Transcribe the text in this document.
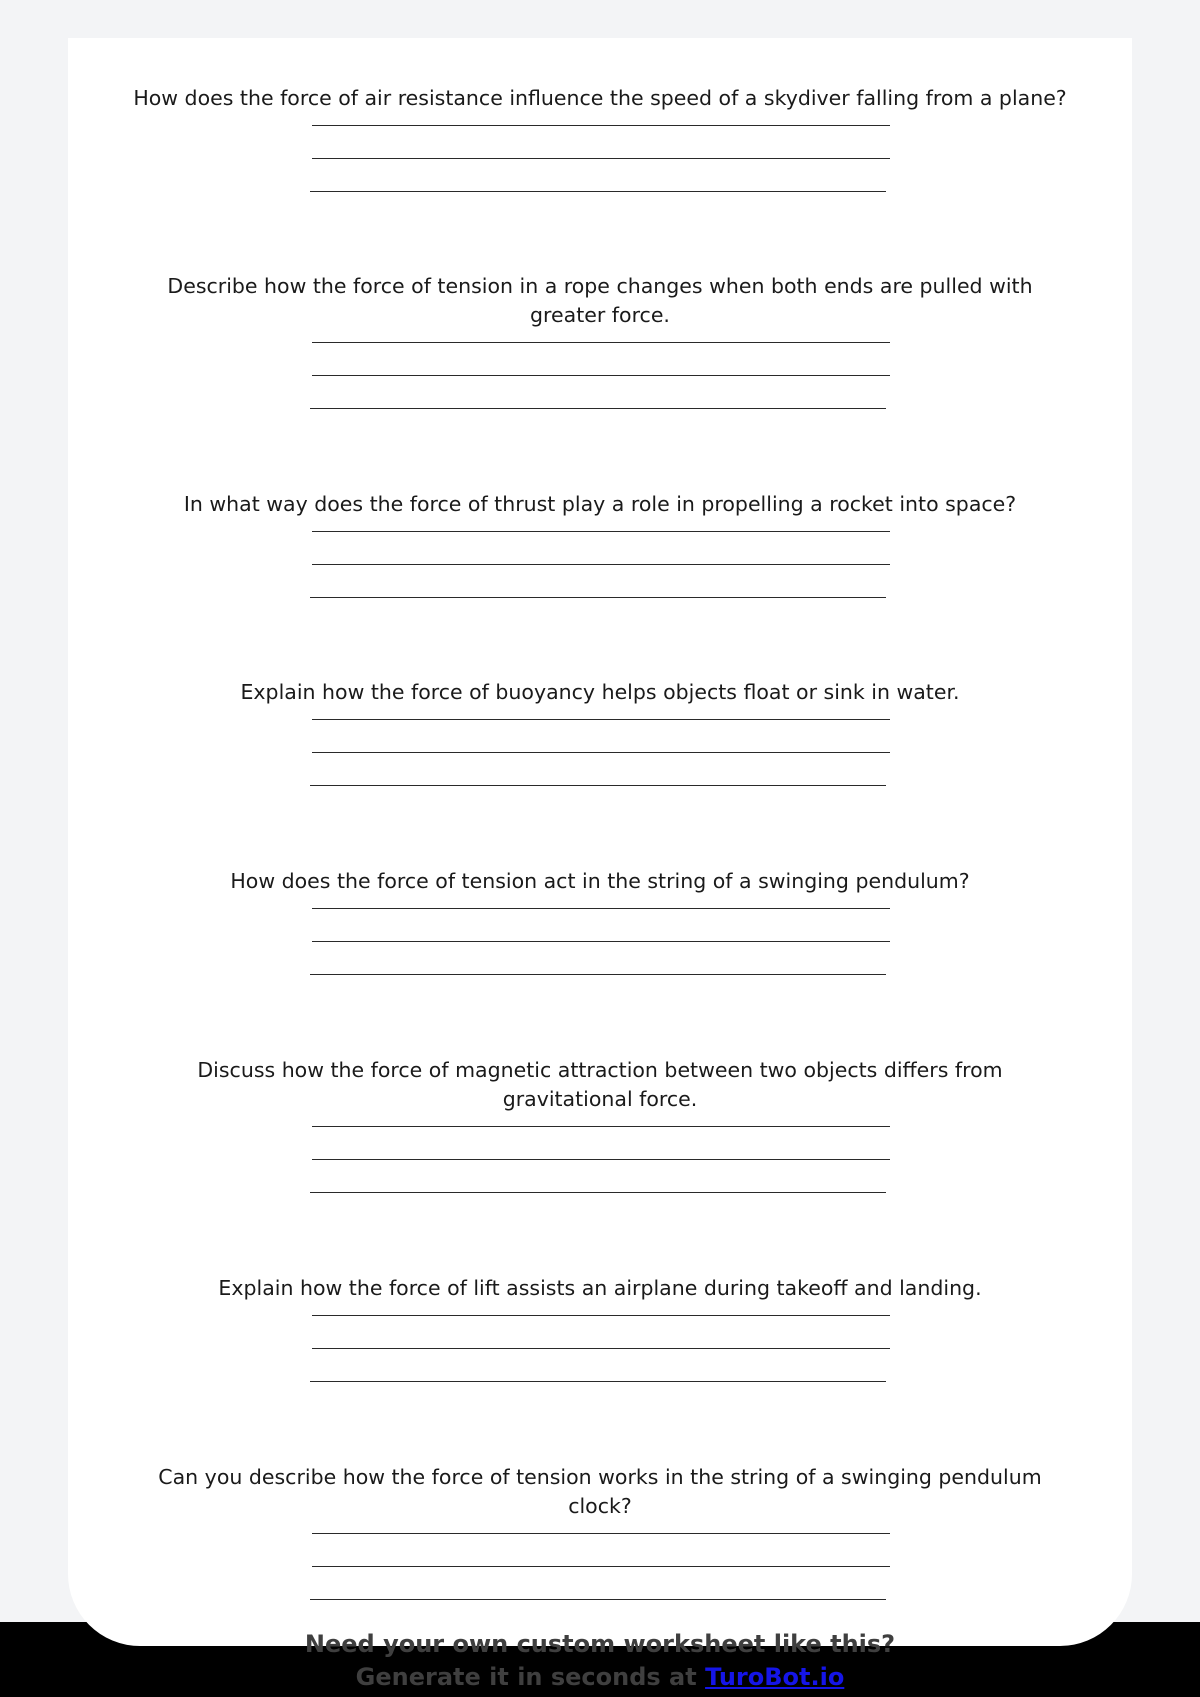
How does the force of air resistance influence the speed of a skydiver falling from a plane?

Describe how the force of tension in a rope changes when both ends are pulled with greater force.

In what way does the force of thrust play a role in propelling a rocket into space?

Explain how the force of buoyancy helps objects float or sink in water.

How does the force of tension act in the string of a swinging pendulum?

Discuss how the force of magnetic attraction between two objects differs from gravitational force.

Explain how the force of lift assists an airplane during takeoff and landing.

Can you describe how the force of tension works in the string of a swinging pendulum clock?

Need your own custom worksheet like this?
Generate it in seconds at TuroBot.io
